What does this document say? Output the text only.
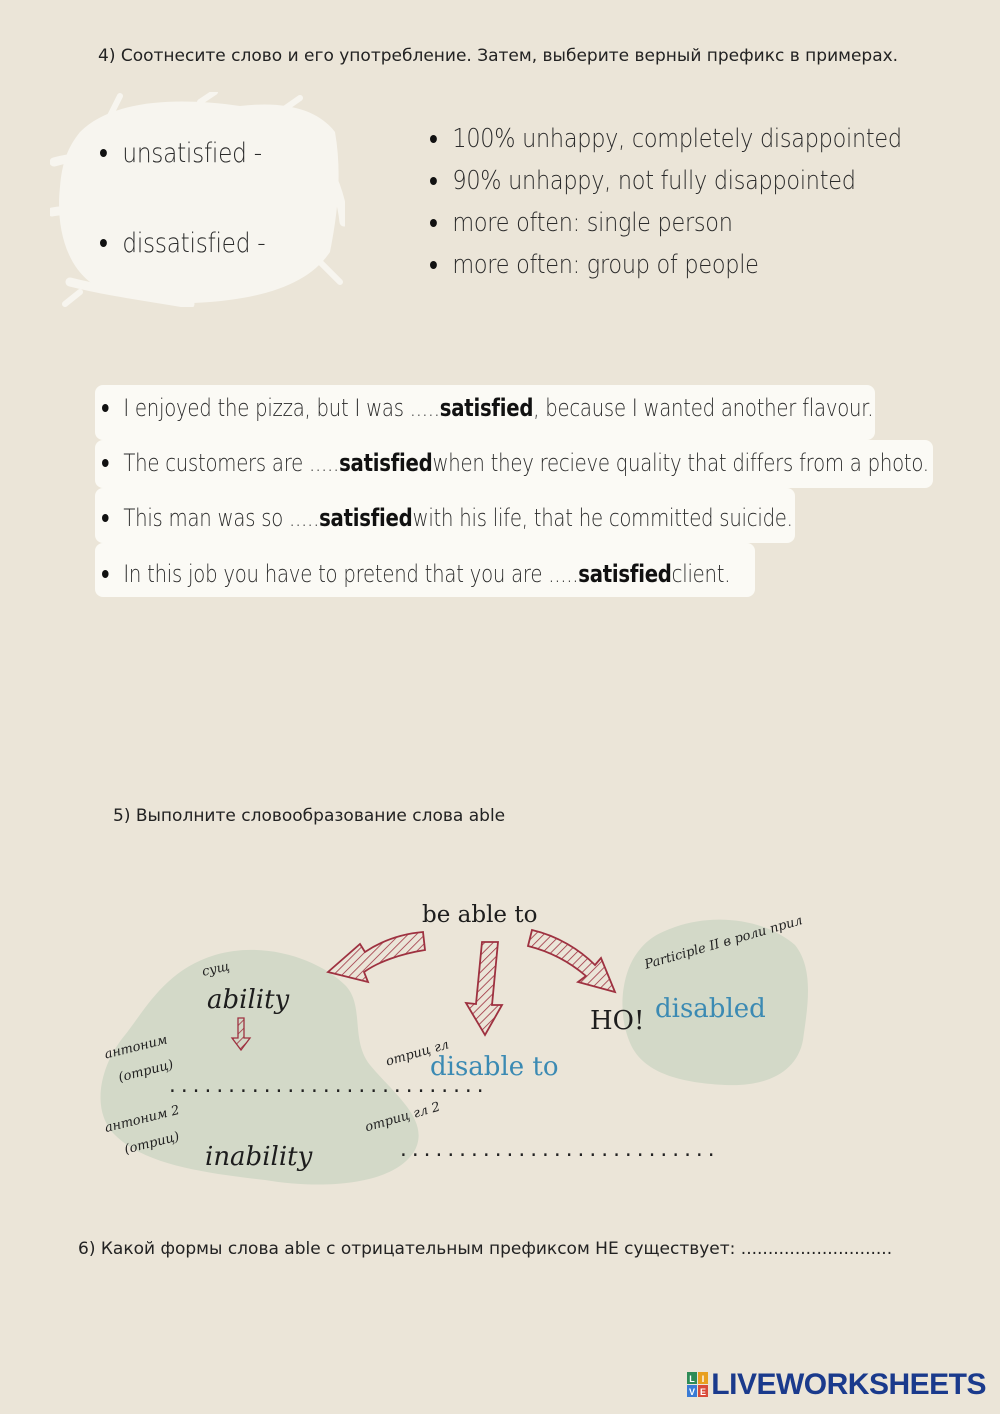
4) Соотнесите слово и его употребление. Затем, выберите верный префикс в примерах.
unsatisfied -
dissatisfied -
100% unhappy, completely disappointed
90% unhappy, not fully disappointed
more often: single person
more often: group of people
I enjoyed the pizza, but I was ..... satisfied , because I wanted another flavour.
The customers are ..... satisfied when they recieve quality that differs from a photo.
This man was so ..... satisfied with his life, that he committed suicide.
In this job you have to pretend that you are ..... satisfied client.
5) Выполните словообразование слова able
be able to
сущ
ability
антоним
(отриц)
...........................
антоним 2
(отриц) inability
отриц гл
disable to
отриц гл 2
...........................
Participle II в роли прил
НО! disabled
6) Какой формы слова able с отрицательным префиксом НЕ существует: ............................
L I
V E LIVEWORKSHEETS
